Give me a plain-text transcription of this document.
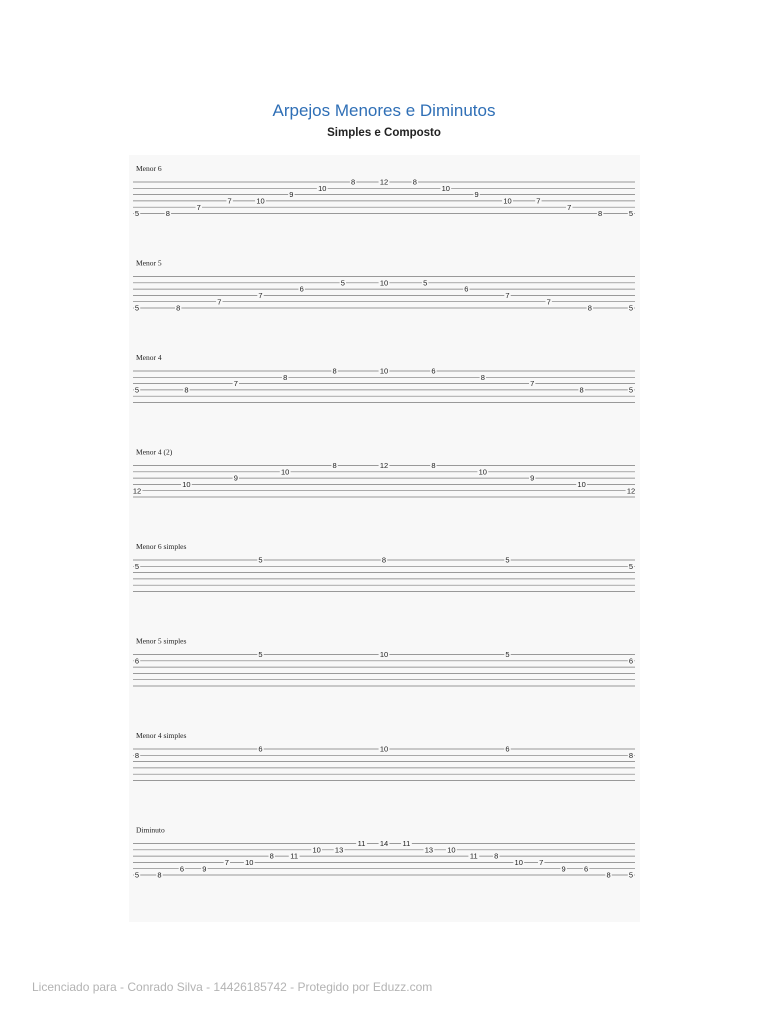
Arpejos Menores e Diminutos
Simples e Composto
Menor 6
5	8
7
7	10
9
10
8	12	8
10
9
10	7
7
8	5
Menor 5
5	8
7
7
6
5	10	5
6
7
7
8	5
Menor 4
5	8
7
8
8	10	6
8
7
8	5
Menor 4 (2)
12
10
9
10
8	12	8
10
9
10
12
Menor 6 simples
5
5	8	5
5
Menor 5 simples
6
5	10	5
6
Menor 4 simples
8
6	10	6
8
Diminuto
5 8
6 9
7 10
8 11
10 13
11 14 11
13 10
11 8
10 7
9 6
8 5
Licenciado para - Conrado Silva - 14426185742 - Protegido por Eduzz.com
